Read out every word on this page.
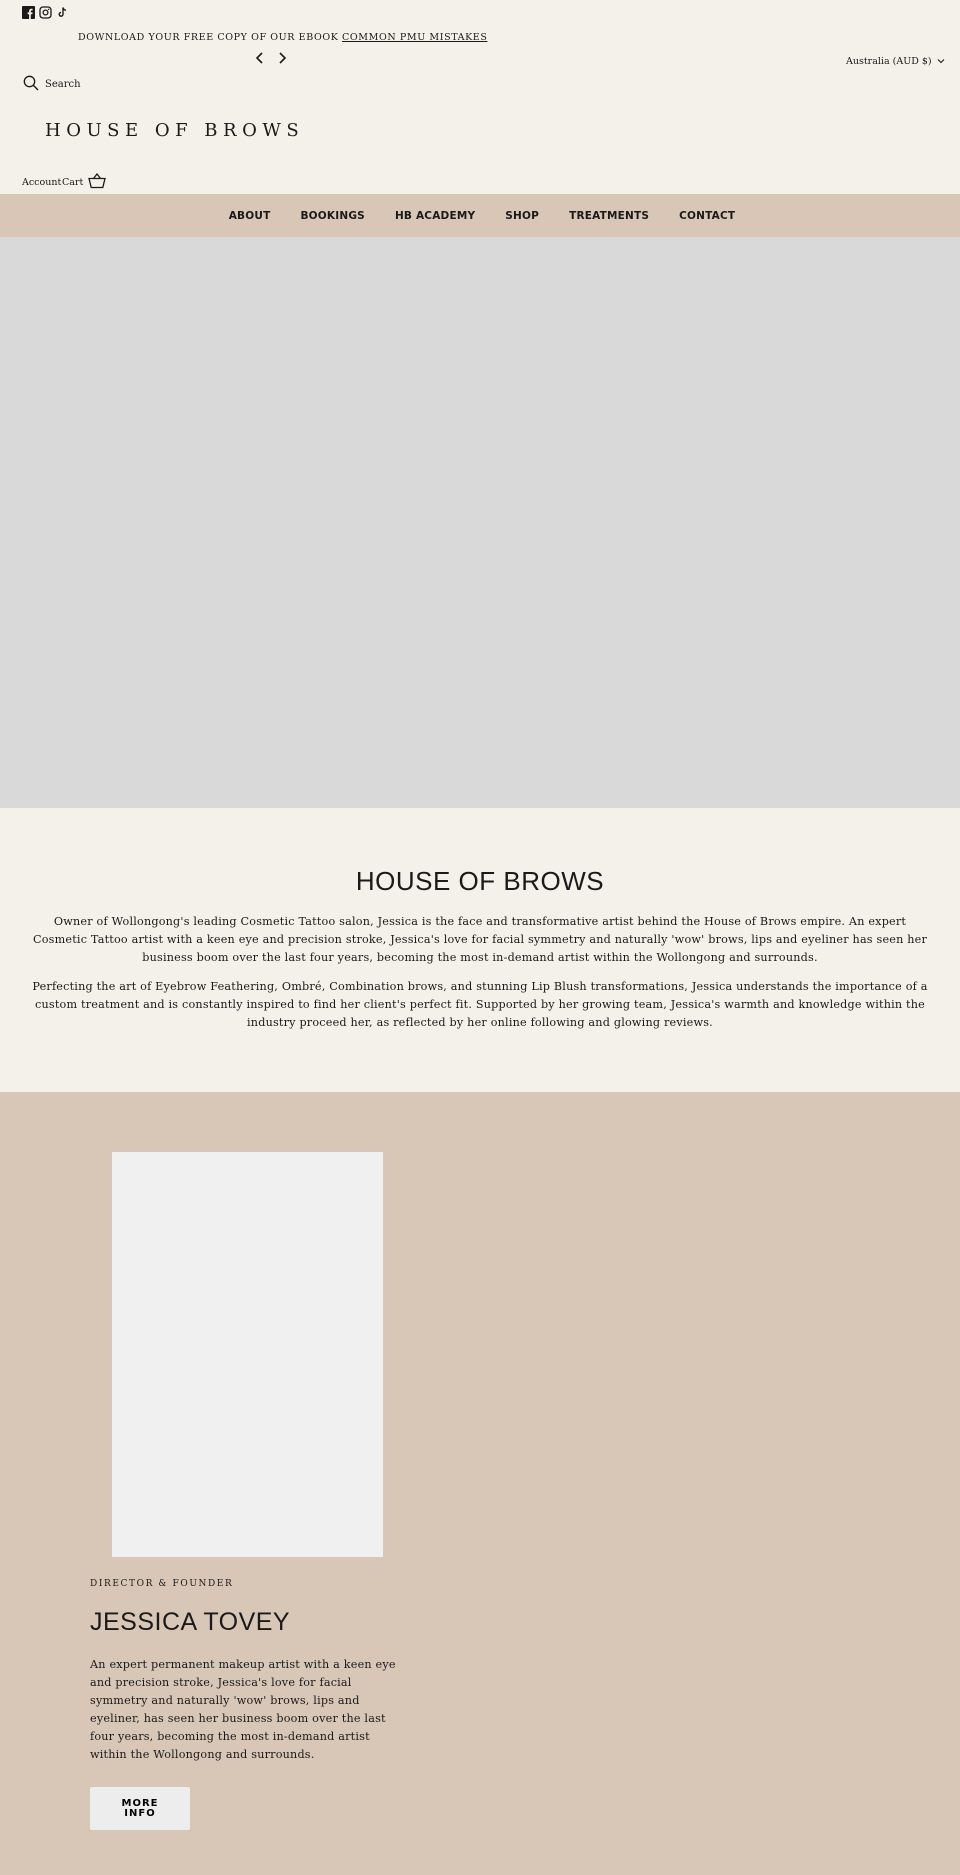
DOWNLOAD YOUR FREE COPY OF OUR EBOOK COMMON PMU MISTAKES
Australia (AUD $)
Search
HOUSE OF BROWS
Account Cart
ABOUT	BOOKINGS	HB ACADEMY	SHOP	TREATMENTS	CONTACT
HOUSE OF BROWS

Owner of Wollongong's leading Cosmetic Tattoo salon, Jessica is the face and transformative artist behind the House of Brows empire. An expert Cosmetic Tattoo artist with a keen eye and precision stroke, Jessica's love for facial symmetry and naturally 'wow' brows, lips and eyeliner has seen her business boom over the last four years, becoming the most in-demand artist within the Wollongong and surrounds.

Perfecting the art of Eyebrow Feathering, Ombré, Combination brows, and stunning Lip Blush transformations, Jessica understands the importance of a custom treatment and is constantly inspired to find her client's perfect fit. Supported by her growing team, Jessica's warmth and knowledge within the industry proceed her, as reflected by her online following and glowing reviews.

DIRECTOR & FOUNDER
JESSICA TOVEY

An expert permanent makeup artist with a keen eye and precision stroke, Jessica's love for facial symmetry and naturally 'wow' brows, lips and eyeliner, has seen her business boom over the last four years, becoming the most in-demand artist within the Wollongong and surrounds.

MORE INFO
